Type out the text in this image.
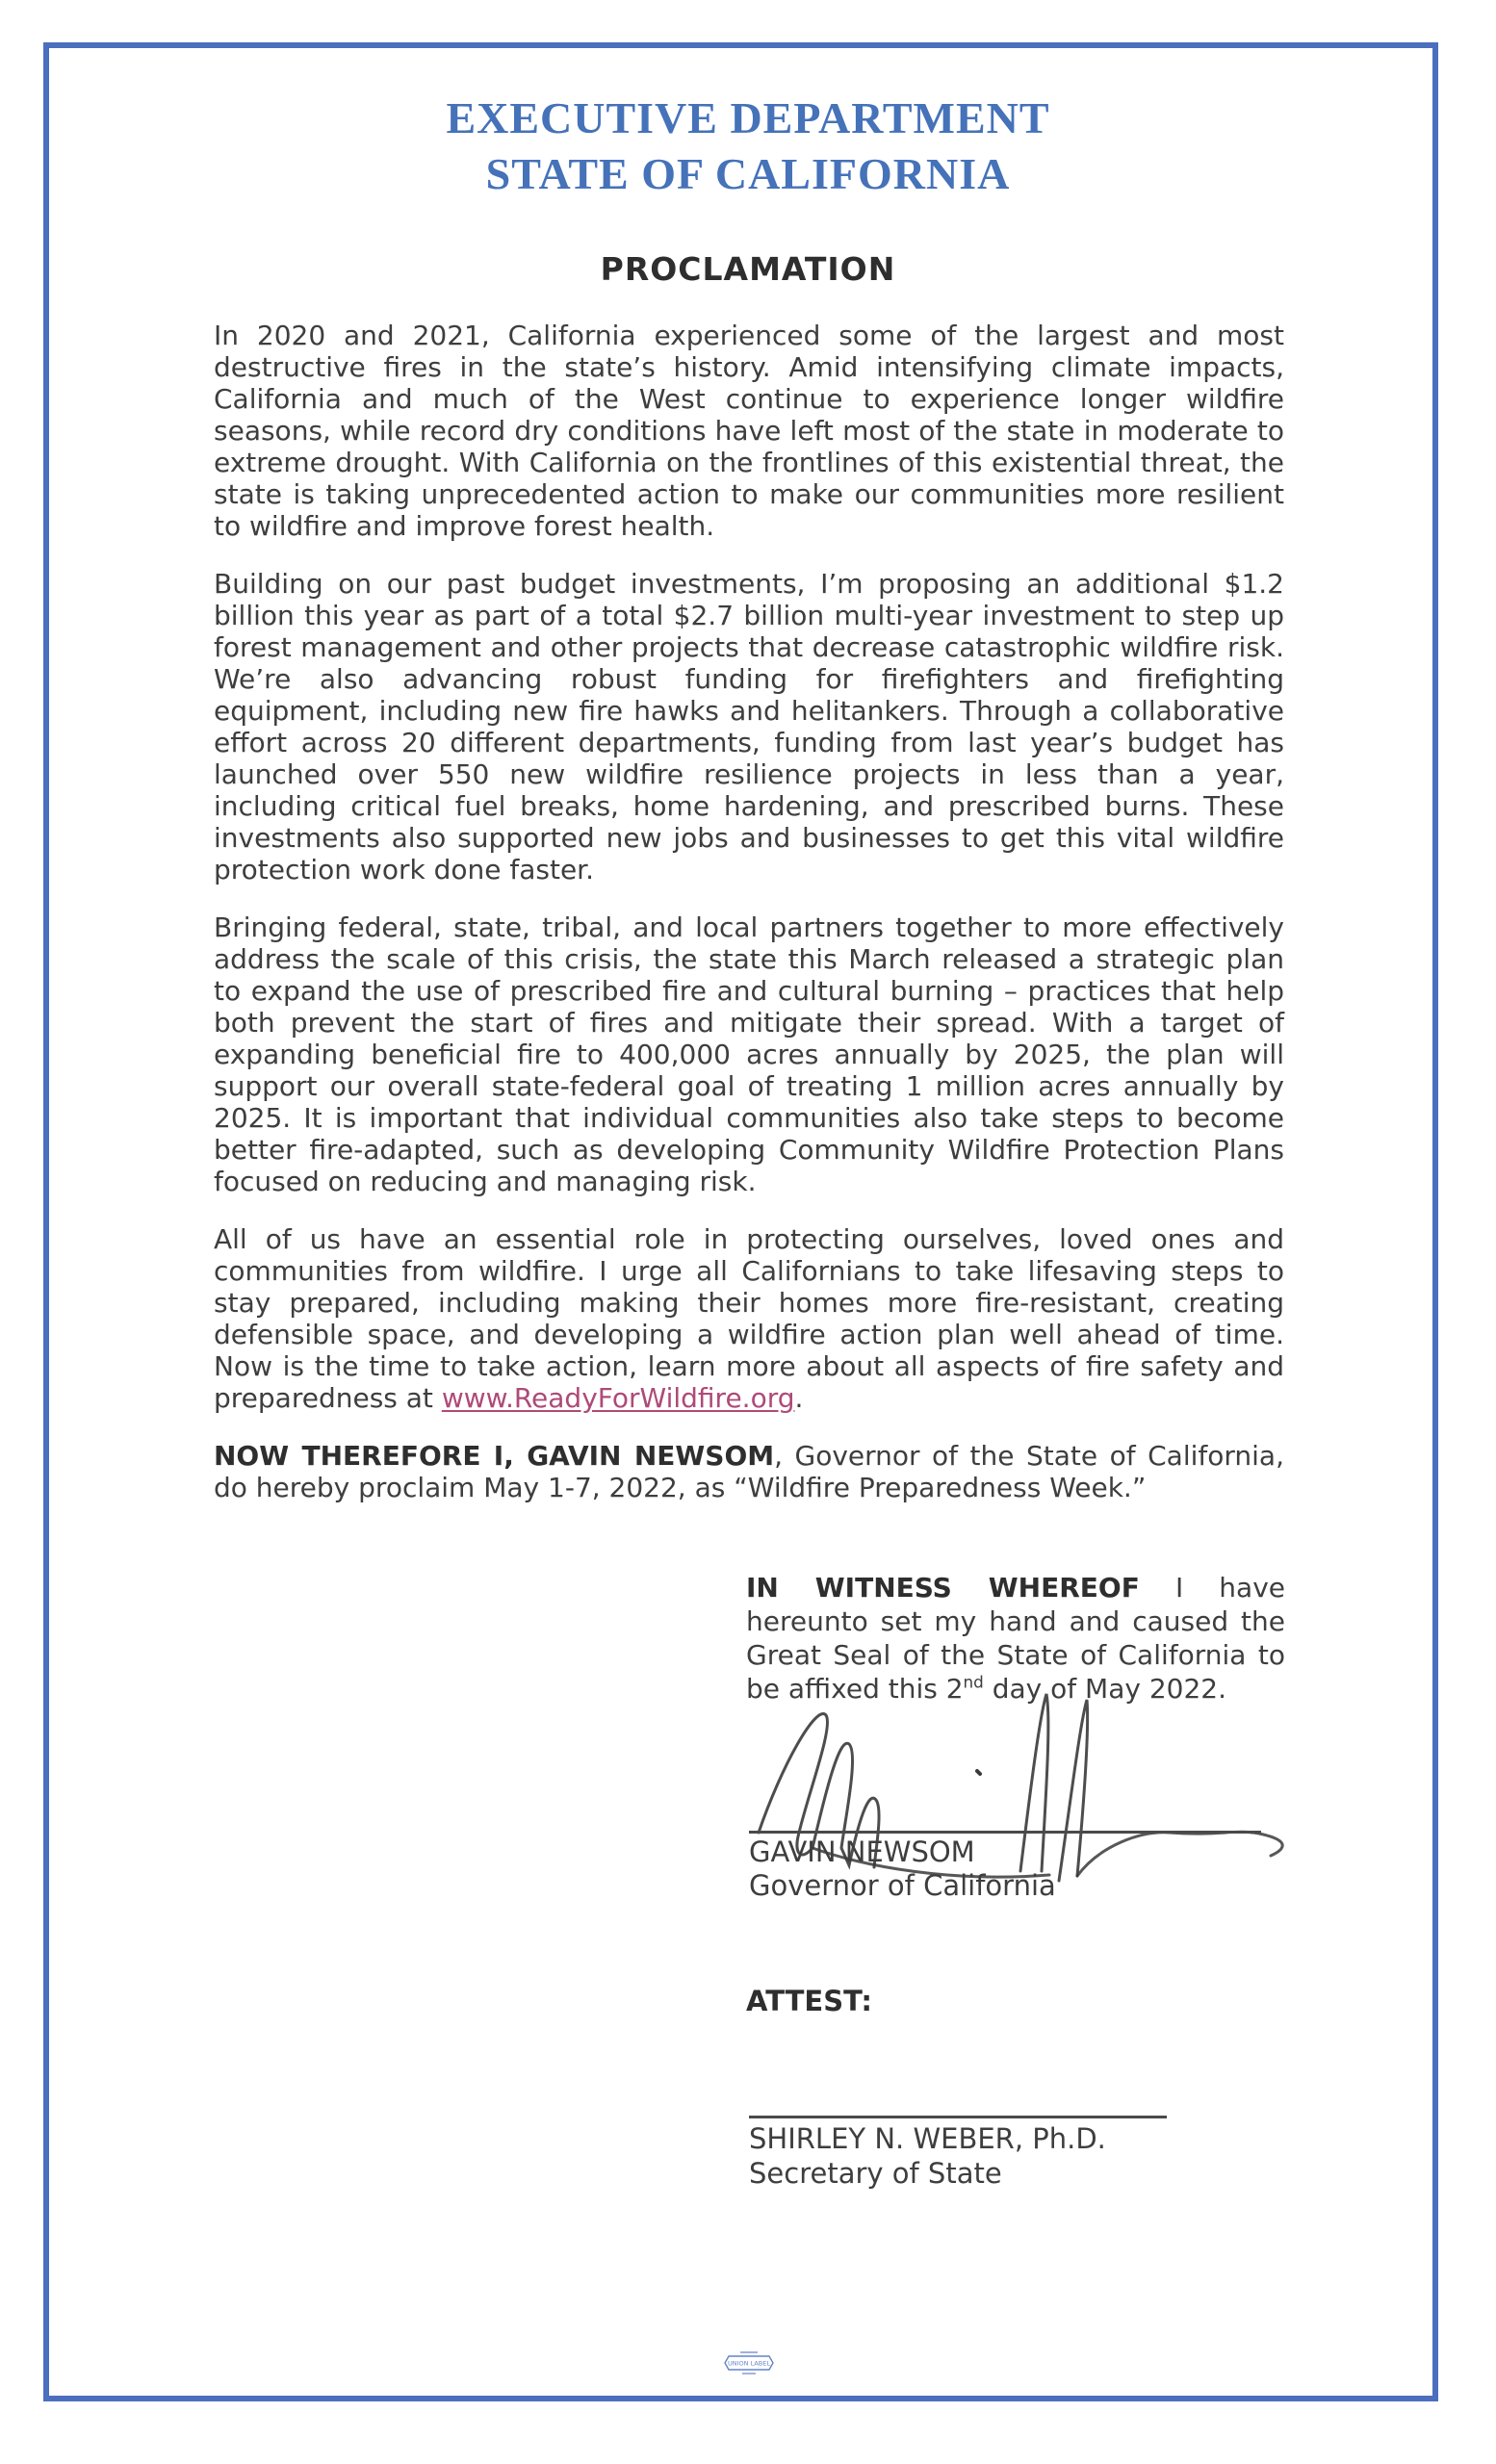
EXECUTIVE DEPARTMENT
STATE OF CALIFORNIA
PROCLAMATION

In 2020 and 2021, California experienced some of the largest and most destructive fires in the state’s history. Amid intensifying climate impacts, California and much of the West continue to experience longer wildfire seasons, while record dry conditions have left most of the state in moderate to extreme drought. With California on the frontlines of this existential threat, the state is taking unprecedented action to make our communities more resilient to wildfire and improve forest health.

Building on our past budget investments, I’m proposing an additional $1.2 billion this year as part of a total $2.7 billion multi-year investment to step up forest management and other projects that decrease catastrophic wildfire risk. We’re also advancing robust funding for firefighters and firefighting equipment, including new fire hawks and helitankers. Through a collaborative effort across 20 different departments, funding from last year’s budget has launched over 550 new wildfire resilience projects in less than a year, including critical fuel breaks, home hardening, and prescribed burns. These investments also supported new jobs and businesses to get this vital wildfire protection work done faster.

Bringing federal, state, tribal, and local partners together to more effectively address the scale of this crisis, the state this March released a strategic plan to expand the use of prescribed fire and cultural burning – practices that help both prevent the start of fires and mitigate their spread. With a target of expanding beneficial fire to 400,000 acres annually by 2025, the plan will support our overall state-federal goal of treating 1 million acres annually by 2025. It is important that individual communities also take steps to become better fire-adapted, such as developing Community Wildfire Protection Plans focused on reducing and managing risk.

All of us have an essential role in protecting ourselves, loved ones and communities from wildfire. I urge all Californians to take lifesaving steps to stay prepared, including making their homes more fire-resistant, creating defensible space, and developing a wildfire action plan well ahead of time. Now is the time to take action, learn more about all aspects of fire safety and preparedness at www.ReadyForWildfire.org.

NOW THEREFORE I, GAVIN NEWSOM, Governor of the State of California, do hereby proclaim May 1-7, 2022, as “Wildfire Preparedness Week.”

IN WITNESS WHEREOF I have hereunto set my hand and caused the Great Seal of the State of California to be affixed this 2nd day of May 2022.
GAVIN NEWSOM
Governor of California
ATTEST:
SHIRLEY N. WEBER, Ph.D.
Secretary of State
UNION LABEL
